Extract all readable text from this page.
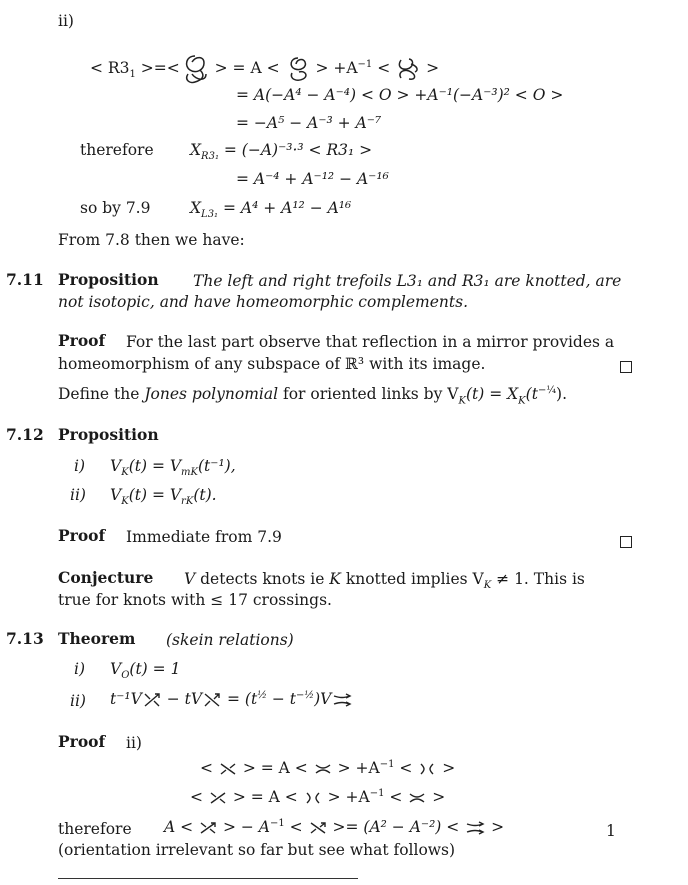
ii)
< $R3_1$ >=< > = A <  > $+A^{-1}$ <  >
= A(−A⁴ − A⁻⁴) < O > +A⁻¹(−A⁻³)² < O >
= −A⁵ − A⁻³ + A⁻⁷
therefore $X_{R3_1} = (-A)^{-3}\cdot^3 < R3_1$ >
= A⁻⁴ + A⁻¹² − A⁻¹⁶
so by 7.9	$X_{L3_1} = A^4 + A^{12} - A^{16}$
From 7.8 then we have:
7.11 Proposition The left and right trefoils L3₁ and R3₁ are knotted, are
not isotopic, and have homeomorphic complements.
Proof For the last part observe that reflection in a mirror provides a
homeomorphism of any subspace of ℝ³ with its image.
Define the Jones polynomial for oriented links by $V_K(t) = X_K(t^{-\frac{1}{4}})$.
7.12 Proposition
i) $V_K(t) = V_{mK}(t^{-1})$,
ii) $V_K(t) = V_{rK}(t)$.
Proof Immediate from 7.9
Conjecture V detects knots ie K knotted implies $V_K \ne 1$. This is
true for knots with ≤ 17 crossings.
7.13 Theorem (skein relations)
i) $V_O(t) = 1$
ii) t⁻¹V − tV = $(t^{\frac{1}{2}} - t^{-\frac{1}{2}})V$
Proof ii)
<  > = A <  > $+A^{-1}$ <  >
<  > = A <  > $+A^{-1}$ <  >
therefore A <  > − $A^{-1}$ <  >= (A² − A⁻²) <  >	1
(orientation irrelevant so far but see what follows)
